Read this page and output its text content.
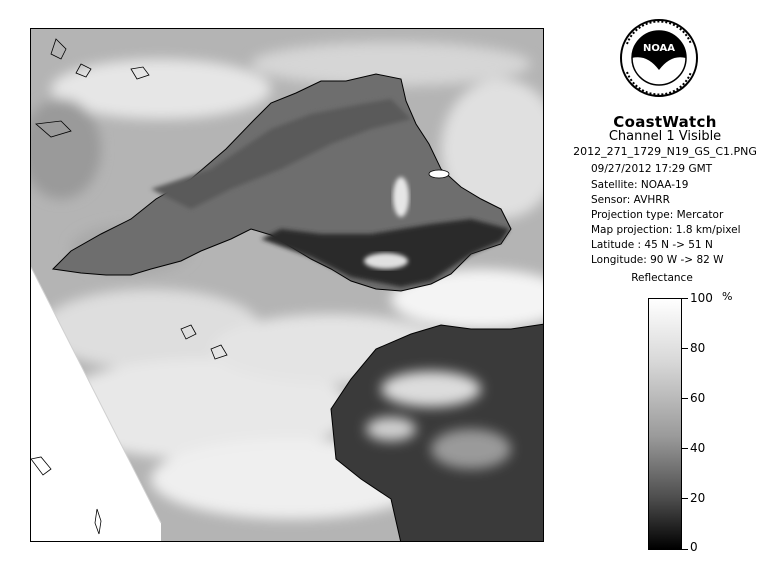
NOAA
CoastWatch
Channel 1 Visible
2012_271_1729_N19_GS_C1.PNG
09/27/2012 17:29 GMT
Satellite: NOAA-19
Sensor: AVHRR
Projection type: Mercator
Map projection: 1.8 km/pixel
Latitude : 45 N -> 51 N
Longitude: 90 W -> 82 W
Reflectance
%
100
80
60
40
20
0
